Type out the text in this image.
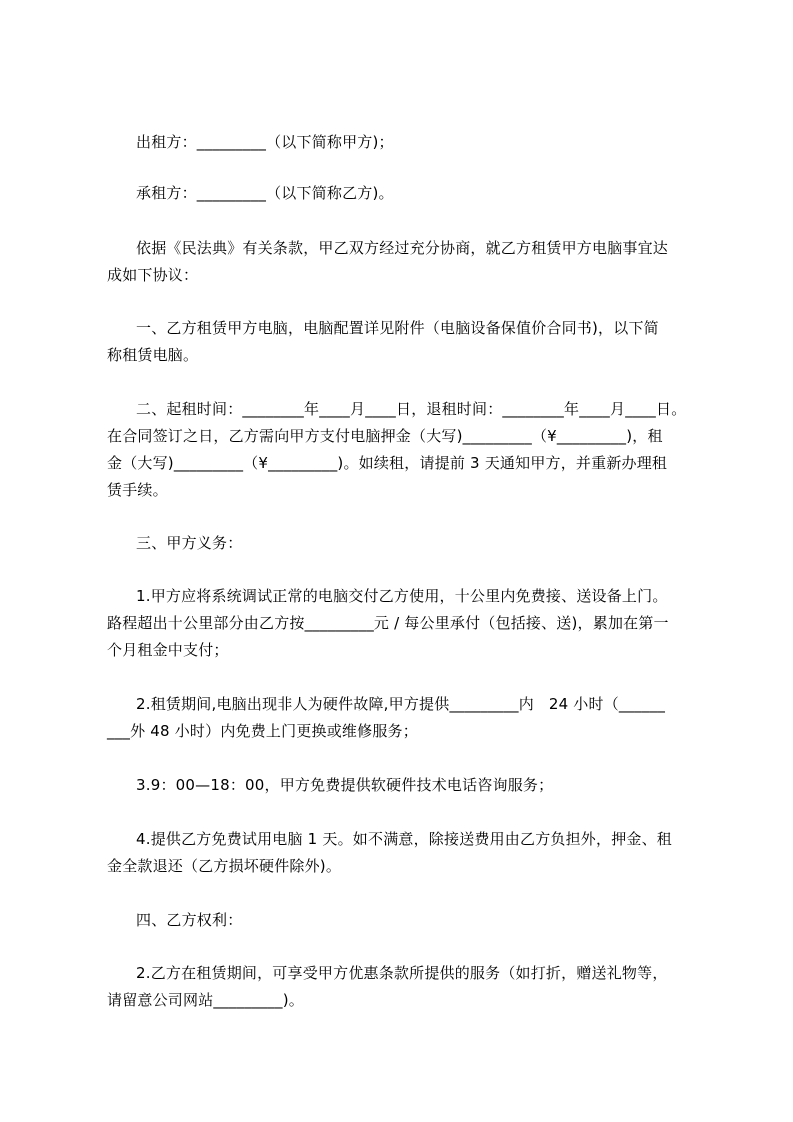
出租方：_________（以下简称甲方)；
承租方：_________（以下简称乙方)。
依据《民法典》有关条款，甲乙双方经过充分协商，就乙方租赁甲方电脑事宜达
成如下协议：
一、乙方租赁甲方电脑，电脑配置详见附件（电脑设备保值价合同书)，以下简
称租赁电脑。
二、起租时间：________年____月____日，退租时间：________年____月____日。
在合同签订之日，乙方需向甲方支付电脑押金（大写)_________（¥_________)，租
金（大写)_________（¥_________)。如续租，请提前 3 天通知甲方，并重新办理租
赁手续。
三、甲方义务：
1.甲方应将系统调试正常的电脑交付乙方使用，十公里内免费接、送设备上门。
路程超出十公里部分由乙方按_________元 / 每公里承付（包括接、送)，累加在第一
个月租金中支付；
2.租赁期间,电脑出现非人为硬件故障,甲方提供_________内   24 小时（______
___外 48 小时）内免费上门更换或维修服务；
3.9：00—18：00，甲方免费提供软硬件技术电话咨询服务；
4.提供乙方免费试用电脑 1 天。如不满意，除接送费用由乙方负担外，押金、租
金全款退还（乙方损坏硬件除外)。
四、乙方权利：
2.乙方在租赁期间，可享受甲方优惠条款所提供的服务（如打折，赠送礼物等，
请留意公司网站_________)。
